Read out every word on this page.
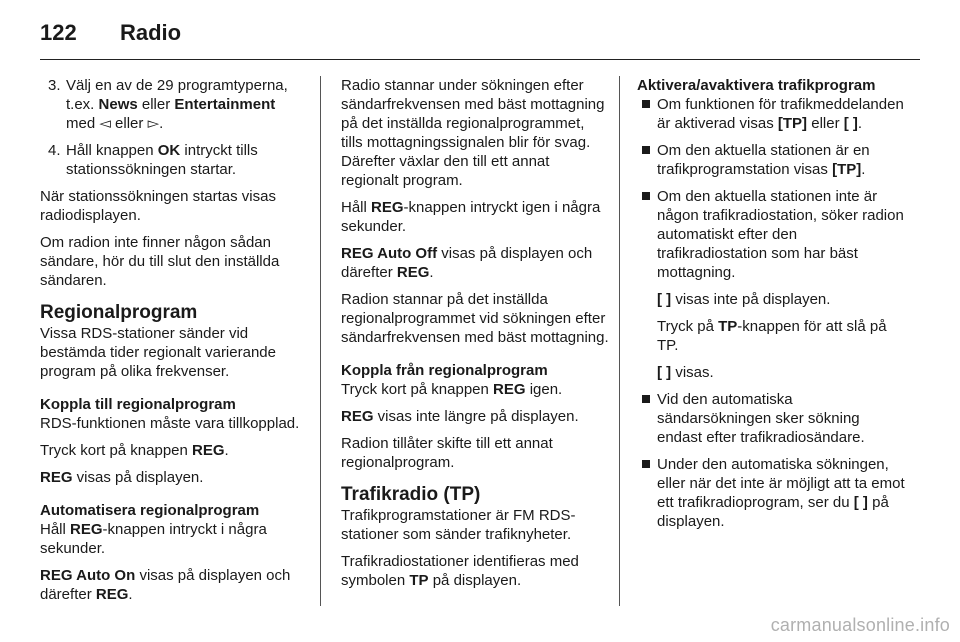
122 Radio
3. Välj en av de 29 programtyperna, t.ex. News eller Entertainment med ◅ eller ▻.
4. Håll knappen OK intryckt tills stationssökningen startar.

När stationssökningen startas visas radiodisplayen.

Om radion inte finner någon sådan sändare, hör du till slut den inställda sändaren.

Regionalprogram

Vissa RDS-stationer sänder vid bestämda tider regionalt varierande program på olika frekvenser.

Koppla till regionalprogram

RDS-funktionen måste vara tillkopplad.

Tryck kort på knappen REG.

REG visas på displayen.

Automatisera regionalprogram

Håll REG-knappen intryckt i några sekunder.

REG Auto On visas på displayen och därefter REG.

Radio stannar under sökningen efter sändarfrekvensen med bäst mottagning på det inställda regionalprogrammet, tills mottagningssignalen blir för svag. Därefter växlar den till ett annat regionalt program.

Håll REG-knappen intryckt igen i några sekunder.

REG Auto Off visas på displayen och därefter REG.

Radion stannar på det inställda regionalprogrammet vid sökningen efter sändarfrekvensen med bäst mottagning.

Koppla från regionalprogram

Tryck kort på knappen REG igen.

REG visas inte längre på displayen.

Radion tillåter skifte till ett annat regionalprogram.

Trafikradio (TP)

Trafikprogramstationer är FM RDS-stationer som sänder trafiknyheter.

Trafikradiostationer identifieras med symbolen TP på displayen.

Aktivera/avaktivera trafikprogram
Om funktionen för trafikmeddelanden är aktiverad visas [TP] eller [ ].
Om den aktuella stationen är en trafikprogramstation visas [TP].
Om den aktuella stationen inte är någon trafikradiostation, söker radion automatiskt efter den trafikradiostation som har bäst mottagning.
[ ] visas inte på displayen.
Tryck på TP-knappen för att slå på TP.
[ ] visas.
Vid den automatiska sändarsökningen sker sökning endast efter trafikradiosändare.
Under den automatiska sökningen, eller när det inte är möjligt att ta emot ett trafikradioprogram, ser du [ ] på displayen.
carmanualsonline.info
